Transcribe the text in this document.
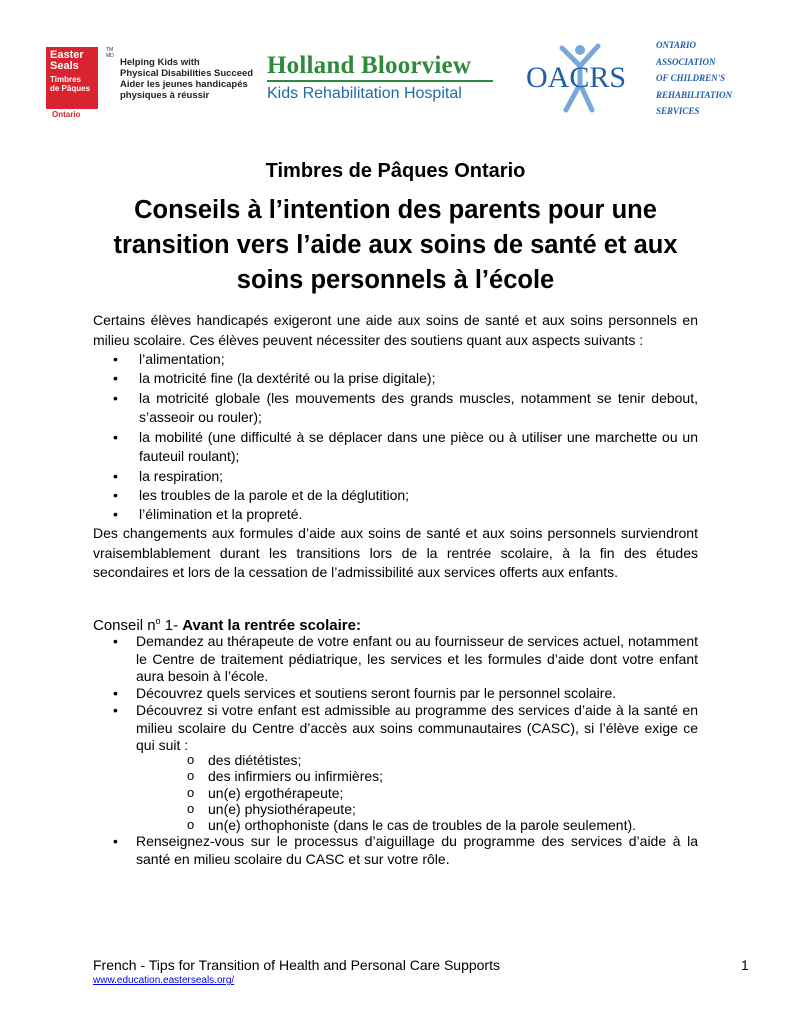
Easter
Seals
Timbres
de Pâques
Ontario
TM
MD
Helping Kids with
Physical Disabilities Succeed
Aider les jeunes handicapés
physiques à réussir
Holland Bloorview
Kids Rehabilitation Hospital OACRS
ONTARIO
ASSOCIATION
OF CHILDREN'S
REHABILITATION
SERVICES
Timbres de Pâques Ontario
Conseils à l’intention des parents pour une
transition vers l’aide aux soins de santé et aux
soins personnels à l’école
Certains élèves handicapés exigeront une aide aux soins de santé et aux soins personnels en milieu scolaire. Ces élèves peuvent nécessiter des soutiens quant aux aspects suivants :
• l’alimentation;
• la motricité fine (la dextérité ou la prise digitale);
• la motricité globale (les mouvements des grands muscles, notamment se tenir debout, s’asseoir ou rouler);
• la mobilité (une difficulté à se déplacer dans une pièce ou à utiliser une marchette ou un fauteuil roulant);
• la respiration;
• les troubles de la parole et de la déglutition;
• l’élimination et la propreté.
Des changements aux formules d’aide aux soins de santé et aux soins personnels surviendront vraisemblablement durant les transitions lors de la rentrée scolaire, à la fin des études secondaires et lors de la cessation de l’admissibilité aux services offerts aux enfants.
Conseil $n^o$ 1- Avant la rentrée scolaire:
• Demandez au thérapeute de votre enfant ou au fournisseur de services actuel, notamment le Centre de traitement pédiatrique, les services et les formules d’aide dont votre enfant aura besoin à l’école.
• Découvrez quels services et soutiens seront fournis par le personnel scolaire.
• Découvrez si votre enfant est admissible au programme des services d’aide à la santé en milieu scolaire du Centre d’accès aux soins communautaires (CASC), si l’élève exige ce qui suit :
o des diététistes;
o des infirmiers ou infirmières;
o un(e) ergothérapeute;
o un(e) physiothérapeute;
o un(e) orthophoniste (dans le cas de troubles de la parole seulement).
• Renseignez-vous sur le processus d’aiguillage du programme des services d’aide à la santé en milieu scolaire du CASC et sur votre rôle.
French - Tips for Transition of Health and Personal Care Supports	1
www.education.easterseals.org/
